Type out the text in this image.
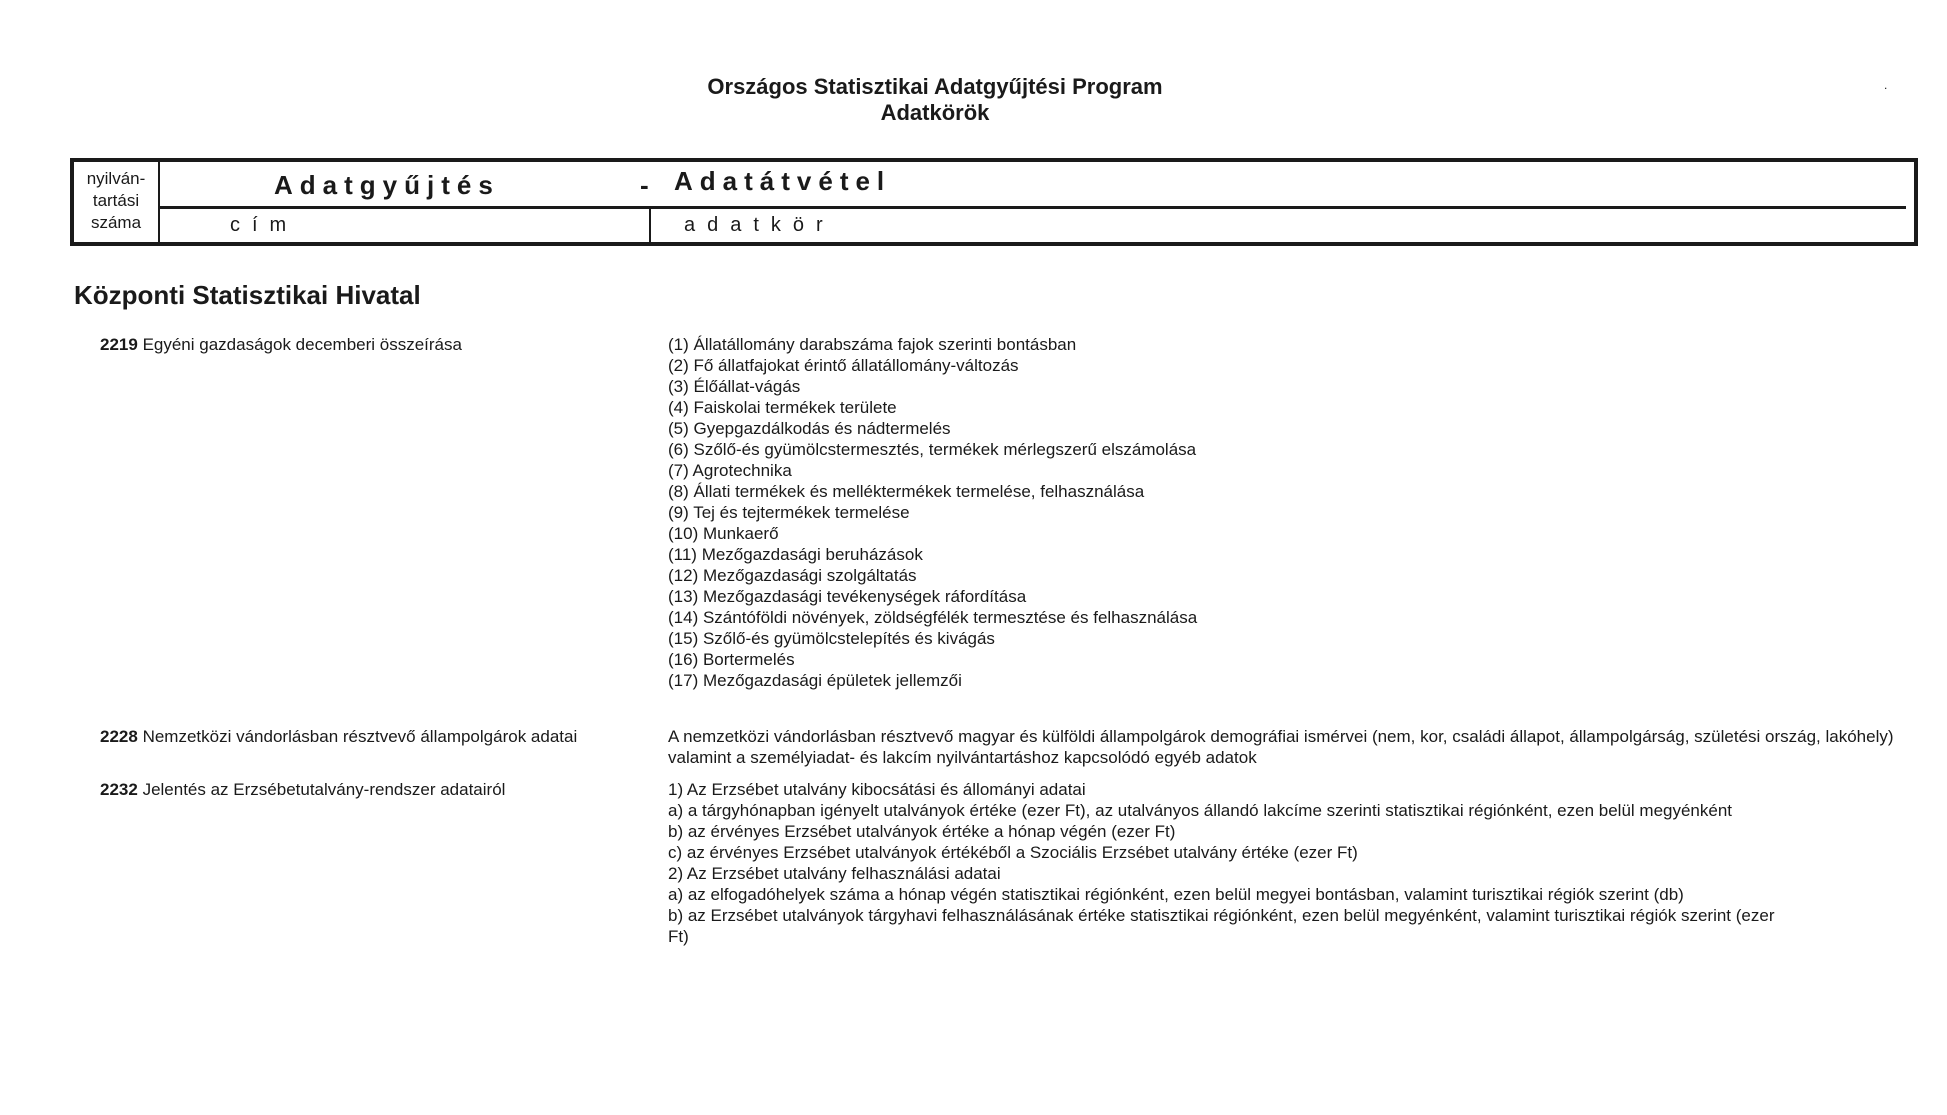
Országos Statisztikai Adatgyűjtési Program
Adatkörök
.
nyilván-
tartási
száma
Adatgyűjtés	- Adatátvétel
cím	adatkör
Központi Statisztikai Hivatal
2219 Egyéni gazdaságok decemberi összeírása	(1) Állatállomány darabszáma fajok szerinti bontásban
(2) Fő állatfajokat érintő állatállomány-változás
(3) Élőállat-vágás
(4) Faiskolai termékek területe
(5) Gyepgazdálkodás és nádtermelés
(6) Szőlő-és gyümölcstermesztés, termékek mérlegszerű elszámolása
(7) Agrotechnika
(8) Állati termékek és melléktermékek termelése, felhasználása
(9) Tej és tejtermékek termelése
(10) Munkaerő
(11) Mezőgazdasági beruházások
(12) Mezőgazdasági szolgáltatás
(13) Mezőgazdasági tevékenységek ráfordítása
(14) Szántóföldi növények, zöldségfélék termesztése és felhasználása
(15) Szőlő-és gyümölcstelepítés és kivágás
(16) Bortermelés
(17) Mezőgazdasági épületek jellemzői
2228 Nemzetközi vándorlásban résztvevő állampolgárok adatai	A nemzetközi vándorlásban résztvevő magyar és külföldi állampolgárok demográfiai ismérvei (nem, kor, családi állapot, állampolgárság, születési ország, lakóhely) valamint a személyiadat- és lakcím nyilvántartáshoz kapcsolódó egyéb adatok
2232 Jelentés az Erzsébetutalvány-rendszer adatairól	1) Az Erzsébet utalvány kibocsátási és állományi adatai
a) a tárgyhónapban igényelt utalványok értéke (ezer Ft), az utalványos állandó lakcíme szerinti statisztikai régiónként, ezen belül megyénként
b) az érvényes Erzsébet utalványok értéke a hónap végén (ezer Ft)
c) az érvényes Erzsébet utalványok értékéből a Szociális Erzsébet utalvány értéke (ezer Ft)
2) Az Erzsébet utalvány felhasználási adatai
a) az elfogadóhelyek száma a hónap végén statisztikai régiónként, ezen belül megyei bontásban, valamint turisztikai régiók szerint (db)
b) az Erzsébet utalványok tárgyhavi felhasználásának értéke statisztikai régiónként, ezen belül megyénként, valamint turisztikai régiók szerint (ezer Ft)
